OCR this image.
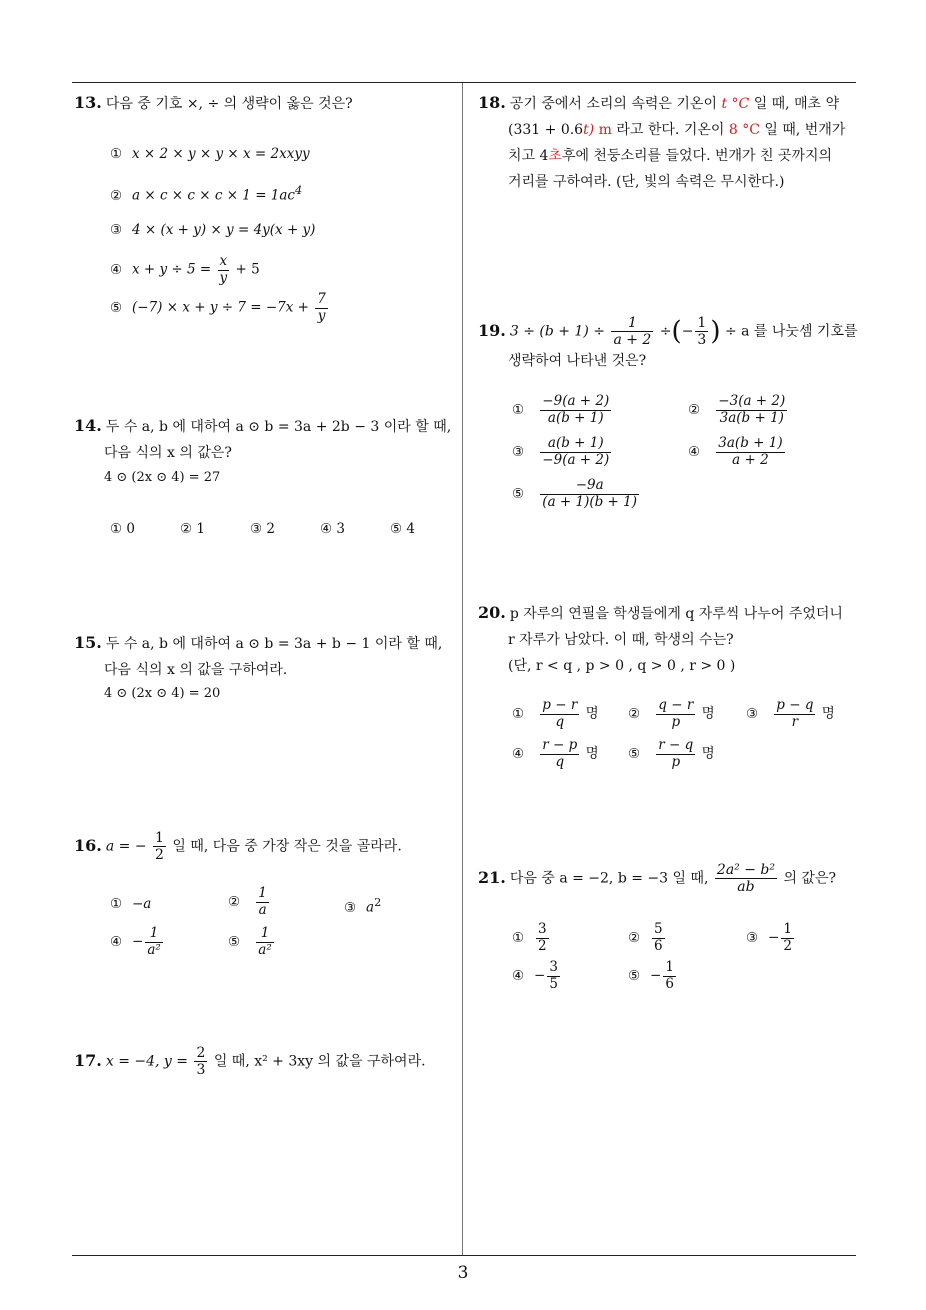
3
13. 다음 중 기호 ×, ÷ 의 생략이 옳은 것은?
① x × 2 × y × y × x = 2xxyy
② $a \times c \times c \times c \times 1 = 1ac^4$
③ 4 × (x + y) × y = 4y(x + y)
④ $x + y \div 5 = \frac{x}{y} + 5$
⑤ $(-7) \times x + y \div 7 = -7x + \frac{7}{y}$
14. 두 수 a, b 에 대하여 a ⊙ b = 3a + 2b − 3 이라 할 때,
다음 식의 x 의 값은?
4 ⊙ (2x ⊙ 4) = 27
① 0	② 1	③ 2	④ 3	⑤ 4
15. 두 수 a, b 에 대하여 a ⊙ b = 3a + b − 1 이라 할 때,
다음 식의 x 의 값을 구하여라.
4 ⊙ (2x ⊙ 4) = 20
16. a = − $\frac{1}{2}$ 일 때, 다음 중 가장 작은 것을 골라라.
① −a	② $\frac{1}{a}$	③ $a^2$
④ − $\frac{1}{\text{a²}}$	⑤ $\frac{1}{\text{a²}}$
17. x = −4, $y = \frac{2}{3}$ 일 때, x² + 3xy 의 값을 구하여라.
18. 공기 중에서 소리의 속력은 기온이 t °C 일 때, 매초 약
(331 + 0.6t) m 라고 한다. 기온이 8 °C 일 때, 번개가
치고 4초후에 천둥소리를 들었다. 번개가 친 곳까지의
거리를 구하여라. (단, 빛의 속력은 무시한다.)
19. $3 \div (b + 1) \div \frac{1}{a + 2}$ ÷(− $\frac{1}{3}$ ) ÷ a 를 나눗셈 기호를
생략하여 나타낸 것은?
① $\frac{-9(a + 2)}{a(b + 1)}$	② $\frac{-3(a + 2)}{3a(b + 1)}$
③ $\frac{a(b + 1)}{-9(a + 2)}$	④ $\frac{3a(b + 1)}{a + 2}$
⑤ $\frac{-9a}{(a + 1)(b + 1)}$
20. p 자루의 연필을 학생들에게 q 자루씩 나누어 주었더니
r 자루가 남았다. 이 때, 학생의 수는?
(단, r < q , p > 0 , q > 0 , r > 0 )
① $\frac{p - r}{q}$ 명 ② $\frac{q - r}{p}$ 명 ③ $\frac{p - q}{r}$ 명
④ $\frac{r - p}{q}$ 명 ⑤ $\frac{r - q}{p}$ 명
21. 다음 중 a = −2, b = −3 일 때, $\frac{\text{2a² − b²}}{ab}$ 의 값은?
① $\frac{3}{2}$	② $\frac{5}{6}$	③ − $\frac{1}{2}$
④ − $\frac{3}{5}$	⑤ − $\frac{1}{6}$
